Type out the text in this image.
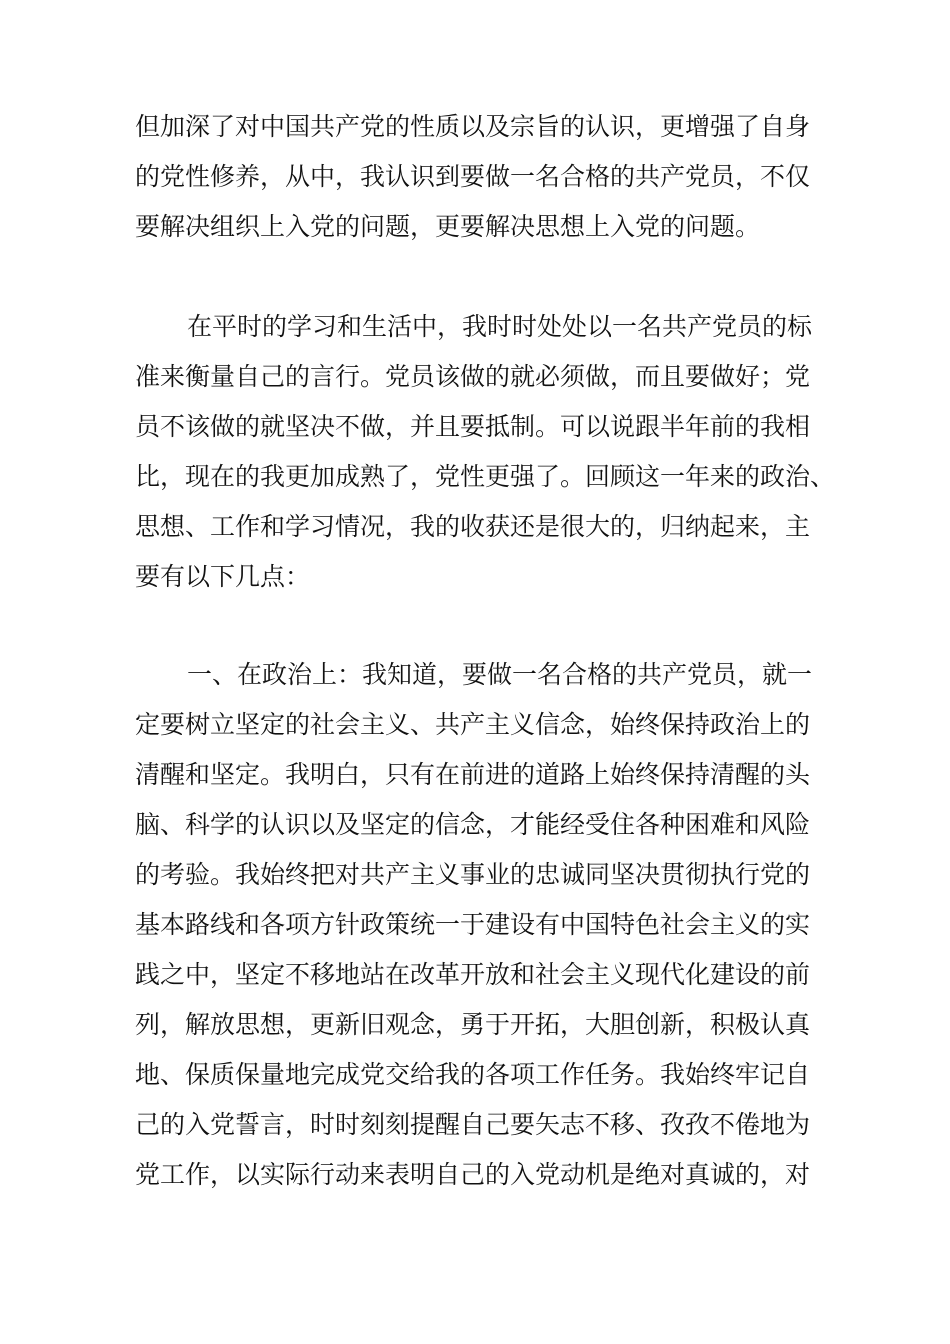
但加深了对中国共产党的性质以及宗旨的认识，更增强了自身
的党性修养，从中，我认识到要做一名合格的共产党员，不仅
要解决组织上入党的问题，更要解决思想上入党的问题。
在平时的学习和生活中，我时时处处以一名共产党员的标
准来衡量自己的言行。党员该做的就必须做，而且要做好；党
员不该做的就坚决不做，并且要抵制。可以说跟半年前的我相
比，现在的我更加成熟了，党性更强了。回顾这一年来的政治、
思想、工作和学习情况，我的收获还是很大的，归纳起来，主
要有以下几点：
一、在政治上：我知道，要做一名合格的共产党员，就一
定要树立坚定的社会主义、共产主义信念，始终保持政治上的
清醒和坚定。我明白，只有在前进的道路上始终保持清醒的头
脑、科学的认识以及坚定的信念，才能经受住各种困难和风险
的考验。我始终把对共产主义事业的忠诚同坚决贯彻执行党的
基本路线和各项方针政策统一于建设有中国特色社会主义的实
践之中，坚定不移地站在改革开放和社会主义现代化建设的前
列，解放思想，更新旧观念，勇于开拓，大胆创新，积极认真
地、保质保量地完成党交给我的各项工作任务。我始终牢记自
己的入党誓言，时时刻刻提醒自己要矢志不移、孜孜不倦地为
党工作，以实际行动来表明自己的入党动机是绝对真诚的，对
